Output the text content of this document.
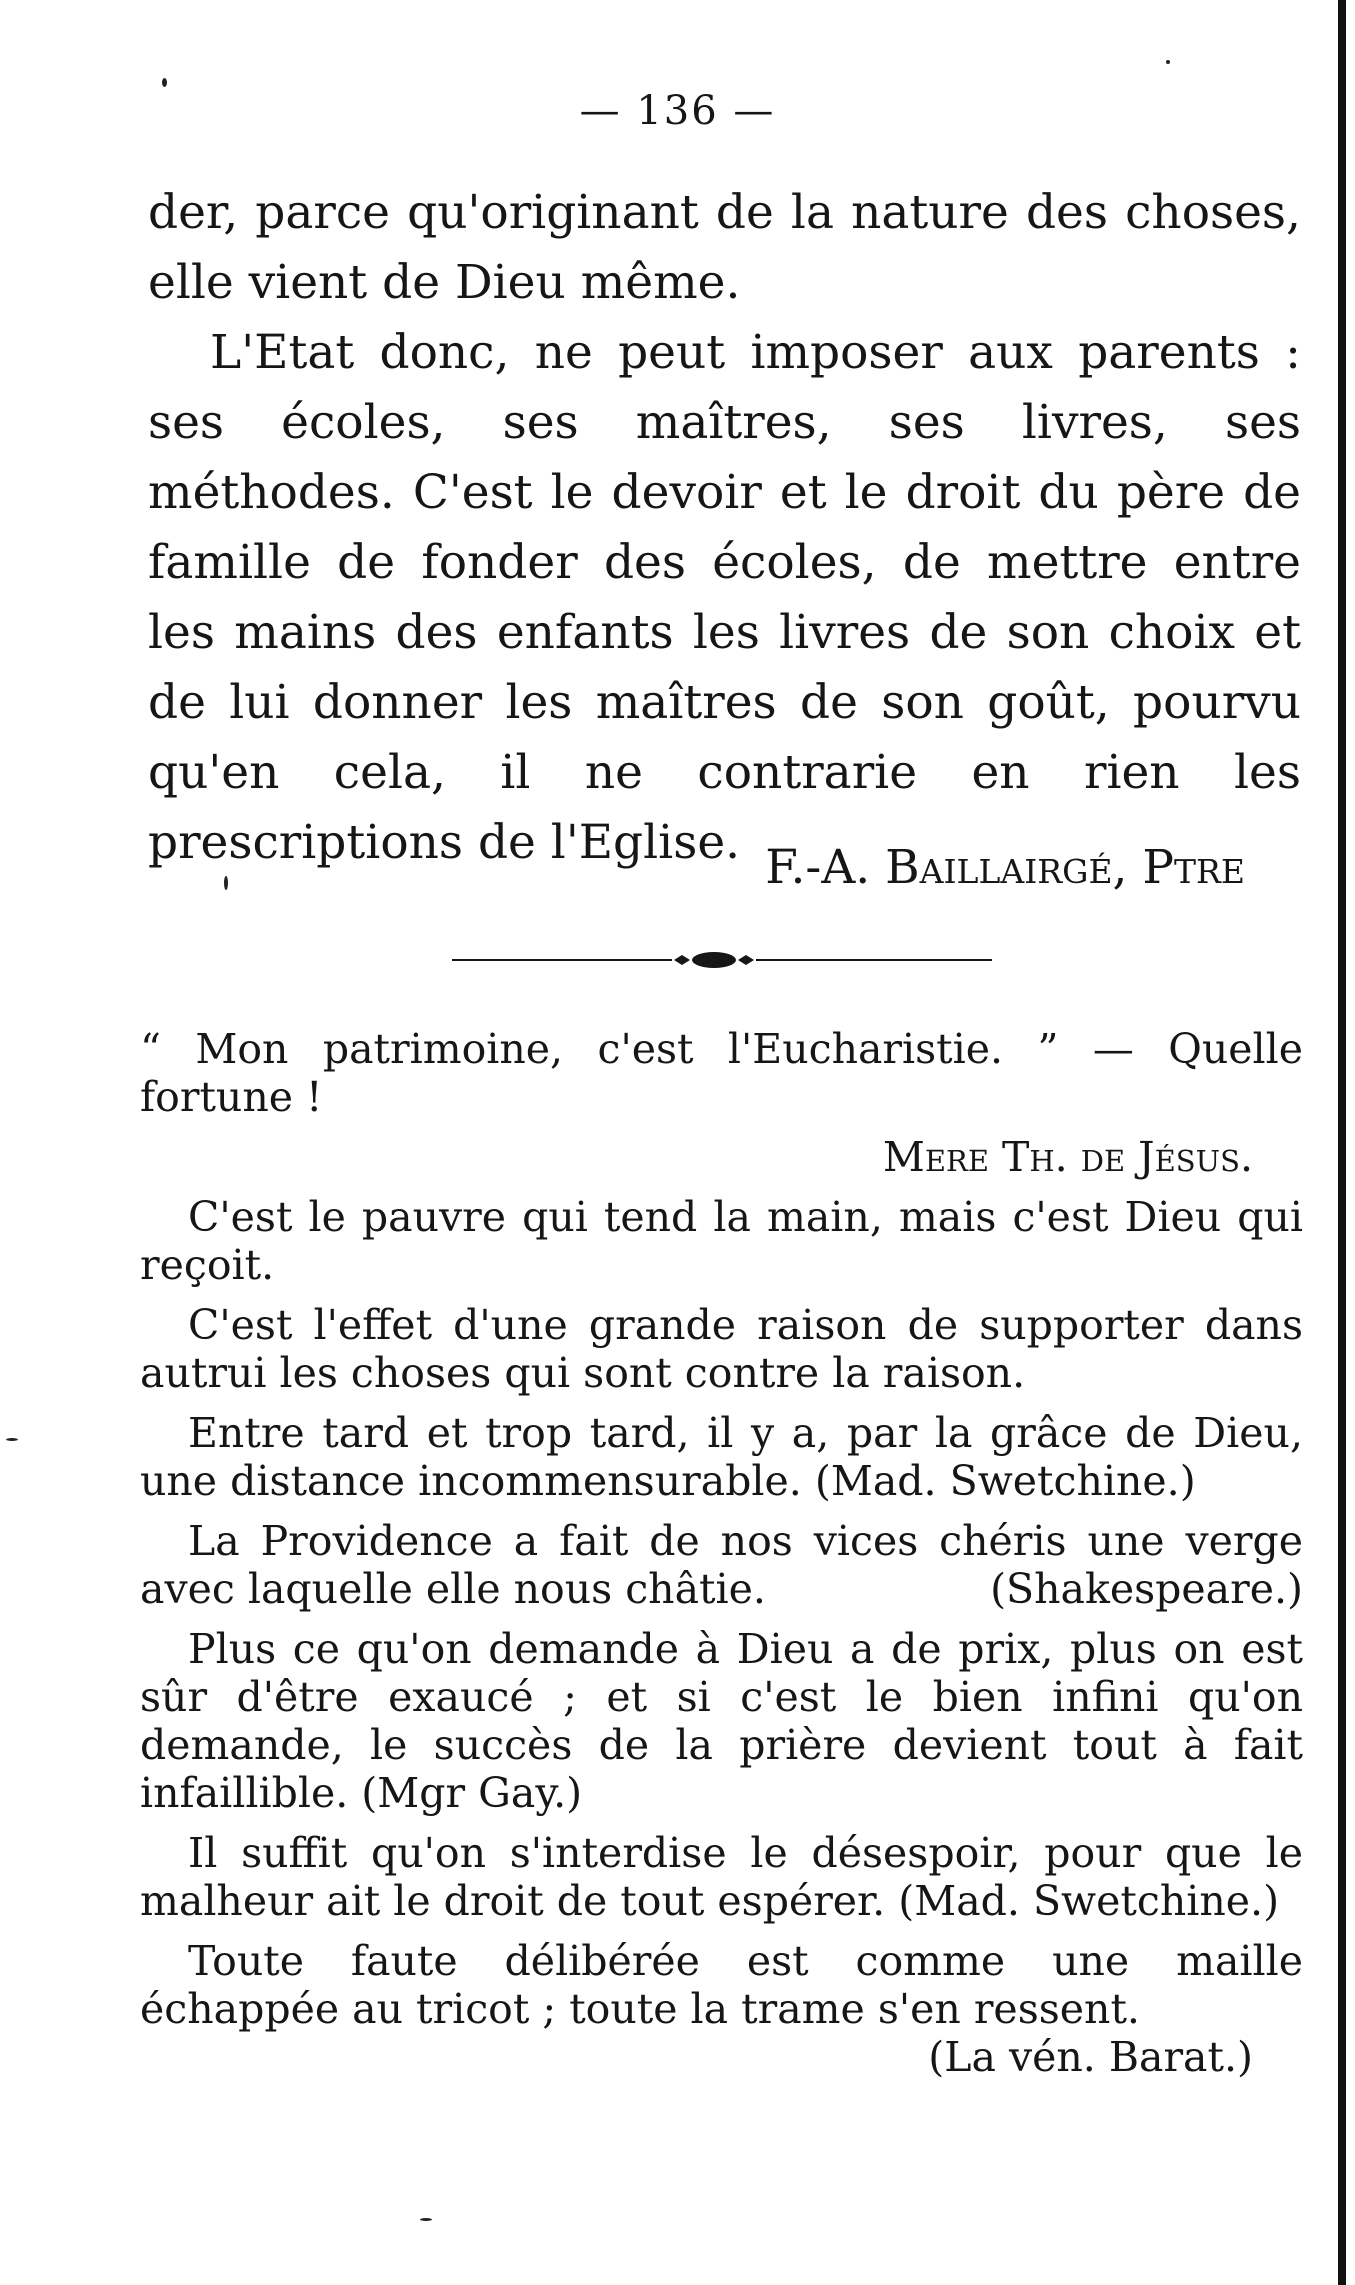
— 136 —

der, parce qu'originant de la nature des choses, elle vient de Dieu même.

L'Etat donc, ne peut imposer aux parents : ses écoles, ses maîtres, ses livres, ses méthodes. C'est le devoir et le droit du père de famille de fonder des écoles, de mettre entre les mains des enfants les livres de son choix et de lui donner les maîtres de son goût, pourvu qu'en cela, il ne contrarie en rien les prescriptions de l'Eglise. F.-A. Baillairgé, Ptre

“ Mon patrimoine, c'est l'Eucharistie. ” — Quelle fortune !

Mere Th. de Jésus.

C'est le pauvre qui tend la main, mais c'est Dieu qui reçoit.

C'est l'effet d'une grande raison de supporter dans autrui les choses qui sont contre la raison.

Entre tard et trop tard, il y a, par la grâce de Dieu, une distance incommensurable. (Mad. Swetchine.)

La Providence a fait de nos vices chéris une verge avec laquelle elle nous châtie.	(Shakespeare.)

Plus ce qu'on demande à Dieu a de prix, plus on est sûr d'être exaucé ; et si c'est le bien infini qu'on demande, le succès de la prière devient tout à fait infaillible. (Mgr Gay.)

Il suffit qu'on s'interdise le désespoir, pour que le malheur ait le droit de tout espérer. (Mad. Swetchine.)

Toute faute délibérée est comme une maille échappée au tricot ; toute la trame s'en ressent.

(La vén. Barat.)
